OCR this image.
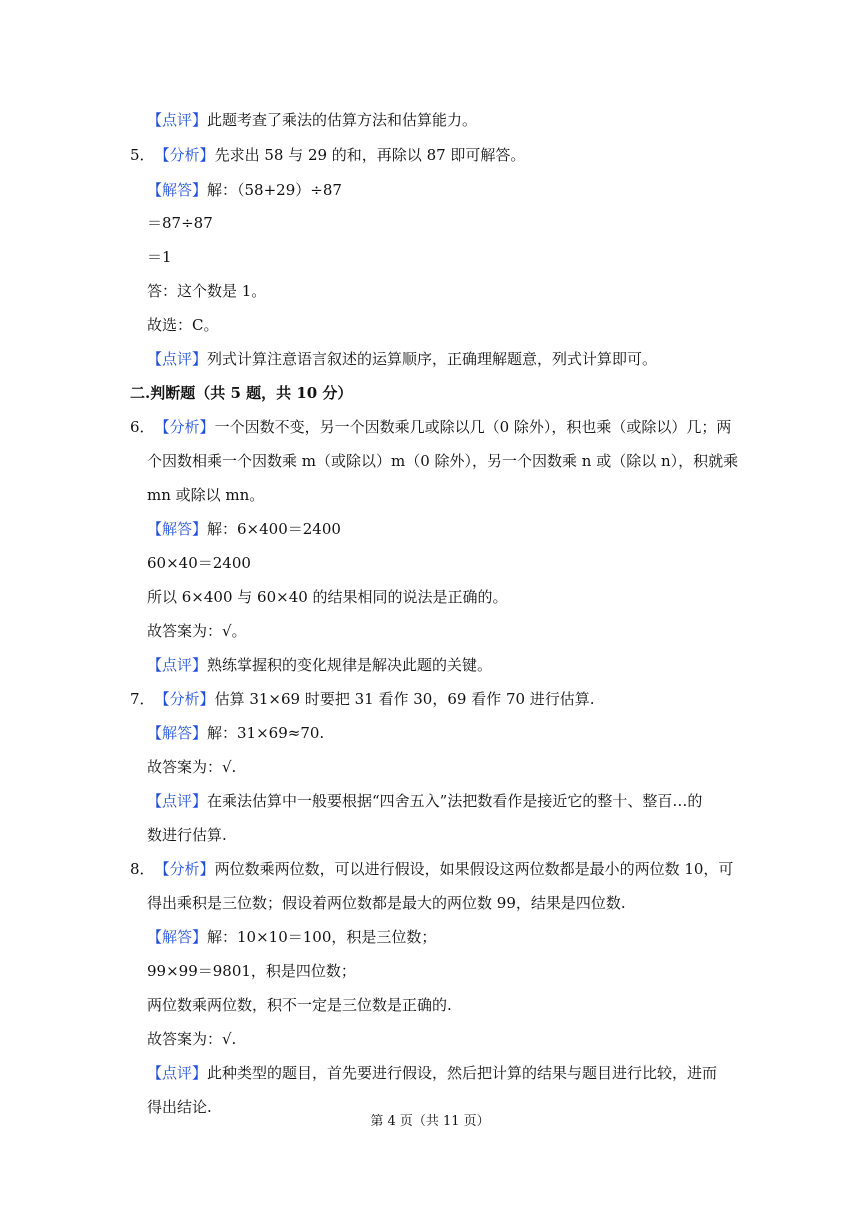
【点评】此题考查了乘法的估算方法和估算能力。
5．【分析】先求出 58 与 29 的和，再除以 87 即可解答。
【解答】解：（58+29）÷87
＝87÷87
＝1
答：这个数是 1。
故选：C。
【点评】列式计算注意语言叙述的运算顺序，正确理解题意，列式计算即可。
二.判断题（共 5 题，共 10 分）
6．【分析】一个因数不变，另一个因数乘几或除以几（0 除外），积也乘（或除以）几；两
个因数相乘一个因数乘 m（或除以）m（0 除外），另一个因数乘 n 或（除以 n），积就乘
mn 或除以 mn。
【解答】解：6×400＝2400
60×40＝2400
所以 6×400 与 60×40 的结果相同的说法是正确的。
故答案为：√。
【点评】熟练掌握积的变化规律是解决此题的关键。
7．【分析】估算 31×69 时要把 31 看作 30，69 看作 70 进行估算.
【解答】解：31×69≈70.
故答案为：√.
【点评】在乘法估算中一般要根据“四舍五入”法把数看作是接近它的整十、整百…的
数进行估算.
8．【分析】两位数乘两位数，可以进行假设，如果假设这两位数都是最小的两位数 10，可
得出乘积是三位数；假设着两位数都是最大的两位数 99，结果是四位数.
【解答】解：10×10＝100，积是三位数；
99×99＝9801，积是四位数；
两位数乘两位数，积不一定是三位数是正确的.
故答案为：√.
【点评】此种类型的题目，首先要进行假设，然后把计算的结果与题目进行比较，进而
得出结论.
第 4 页（共 11 页）
